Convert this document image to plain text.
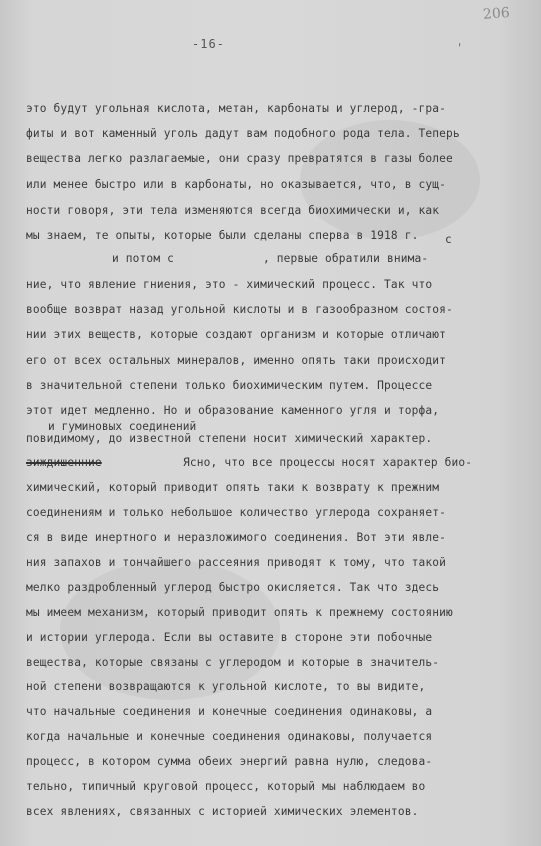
206
-16-	'
это будут угольная кислота, метан, карбонаты и углерод, -гра-
фиты и вот каменный уголь дадут вам подобного рода тела. Теперь
вещества легко разлагаемые, они сразу превратятся в газы более
или менее быстро или в карбонаты, но оказывается, что, в сущ-
ности говоря, эти тела изменяются всегда биохимически и, как
мы знаем, те опыты, которые были сделаны сперва в 1918 г. с
и потом с	, первые обратили внима-
ние, что явление гниения, это - химический процесс. Так что
вообще возврат назад угольной кислоты и в газообразном состоя-
нии этих веществ, которые создают организм и которые отличают
его от всех остальных минералов, именно опять таки происходит
в значительной степени только биохимическим путем. Процессе
этот идет медленно. Но и образование каменного угля и торфа,
и гуминовых соединений
повидимому, до известной степени носит химический характер.
зиждишенние	Ясно, что все процессы носят характер био-
химический, который приводит опять таки к возврату к прежним
соединениям и только небольшое количество углерода сохраняет-
ся в виде инертного и неразложимого соединения. Вот эти явле-
ния запахов и тончайшего рассеяния приводят к тому, что такой
мелко раздробленный углерод быстро окисляется. Так что здесь
мы имеем механизм, который приводит опять к прежнему состоянию
и истории углерода. Если вы оставите в стороне эти побочные
вещества, которые связаны с углеродом и которые в значитель-
ной степени возвращаются к угольной кислоте, то вы видите,
что начальные соединения и конечные соединения одинаковы, а
когда начальные и конечные соединения одинаковы, получается
процесс, в котором сумма обеих энергий равна нулю, следова-
тельно, типичный круговой процесс, который мы наблюдаем во
всех явлениях, связанных с историей химических элементов.
